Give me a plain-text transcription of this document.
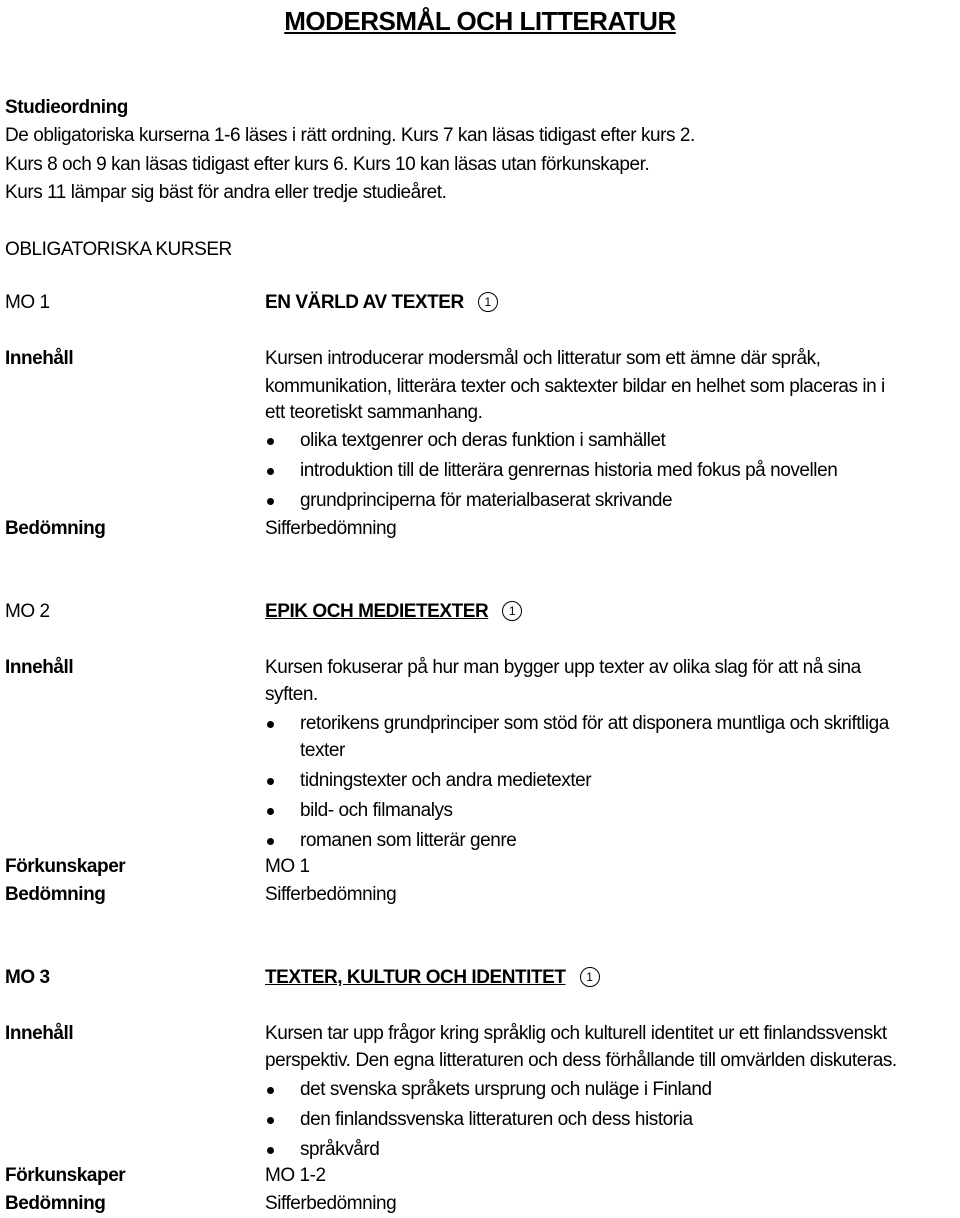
MODERSMÅL OCH LITTERATUR
Studieordning
De obligatoriska kurserna 1-6 läses i rätt ordning. Kurs 7 kan läsas tidigast efter kurs 2.
Kurs 8 och 9 kan läsas tidigast efter kurs 6. Kurs 10 kan läsas utan förkunskaper.
Kurs 11 lämpar sig bäst för andra eller tredje studieåret.
OBLIGATORISKA KURSER
MO 1	EN VÄRLD AV TEXTER 1
Innehåll	Kursen introducerar modersmål och litteratur som ett ämne där språk,
kommunikation, litterära texter och saktexter bildar en helhet som placeras in i
ett teoretiskt sammanhang.
olika textgenrer och deras funktion i samhället
introduktion till de litterära genrernas historia med fokus på novellen
grundprinciperna för materialbaserat skrivande
Bedömning	Sifferbedömning
MO 2	EPIK OCH MEDIETEXTER 1
Innehåll	Kursen fokuserar på hur man bygger upp texter av olika slag för att nå sina
syften.
retorikens grundprinciper som stöd för att disponera muntliga och skriftliga
texter
tidningstexter och andra medietexter
bild- och filmanalys
romanen som litterär genre
Förkunskaper	MO 1
Bedömning	Sifferbedömning
MO 3	TEXTER, KULTUR OCH IDENTITET 1
Innehåll	Kursen tar upp frågor kring språklig och kulturell identitet ur ett finlandssvenskt
perspektiv. Den egna litteraturen och dess förhållande till omvärlden diskuteras.
det svenska språkets ursprung och nuläge i Finland
den finlandssvenska litteraturen och dess historia
språkvård
Förkunskaper	MO 1-2
Bedömning	Sifferbedömning
